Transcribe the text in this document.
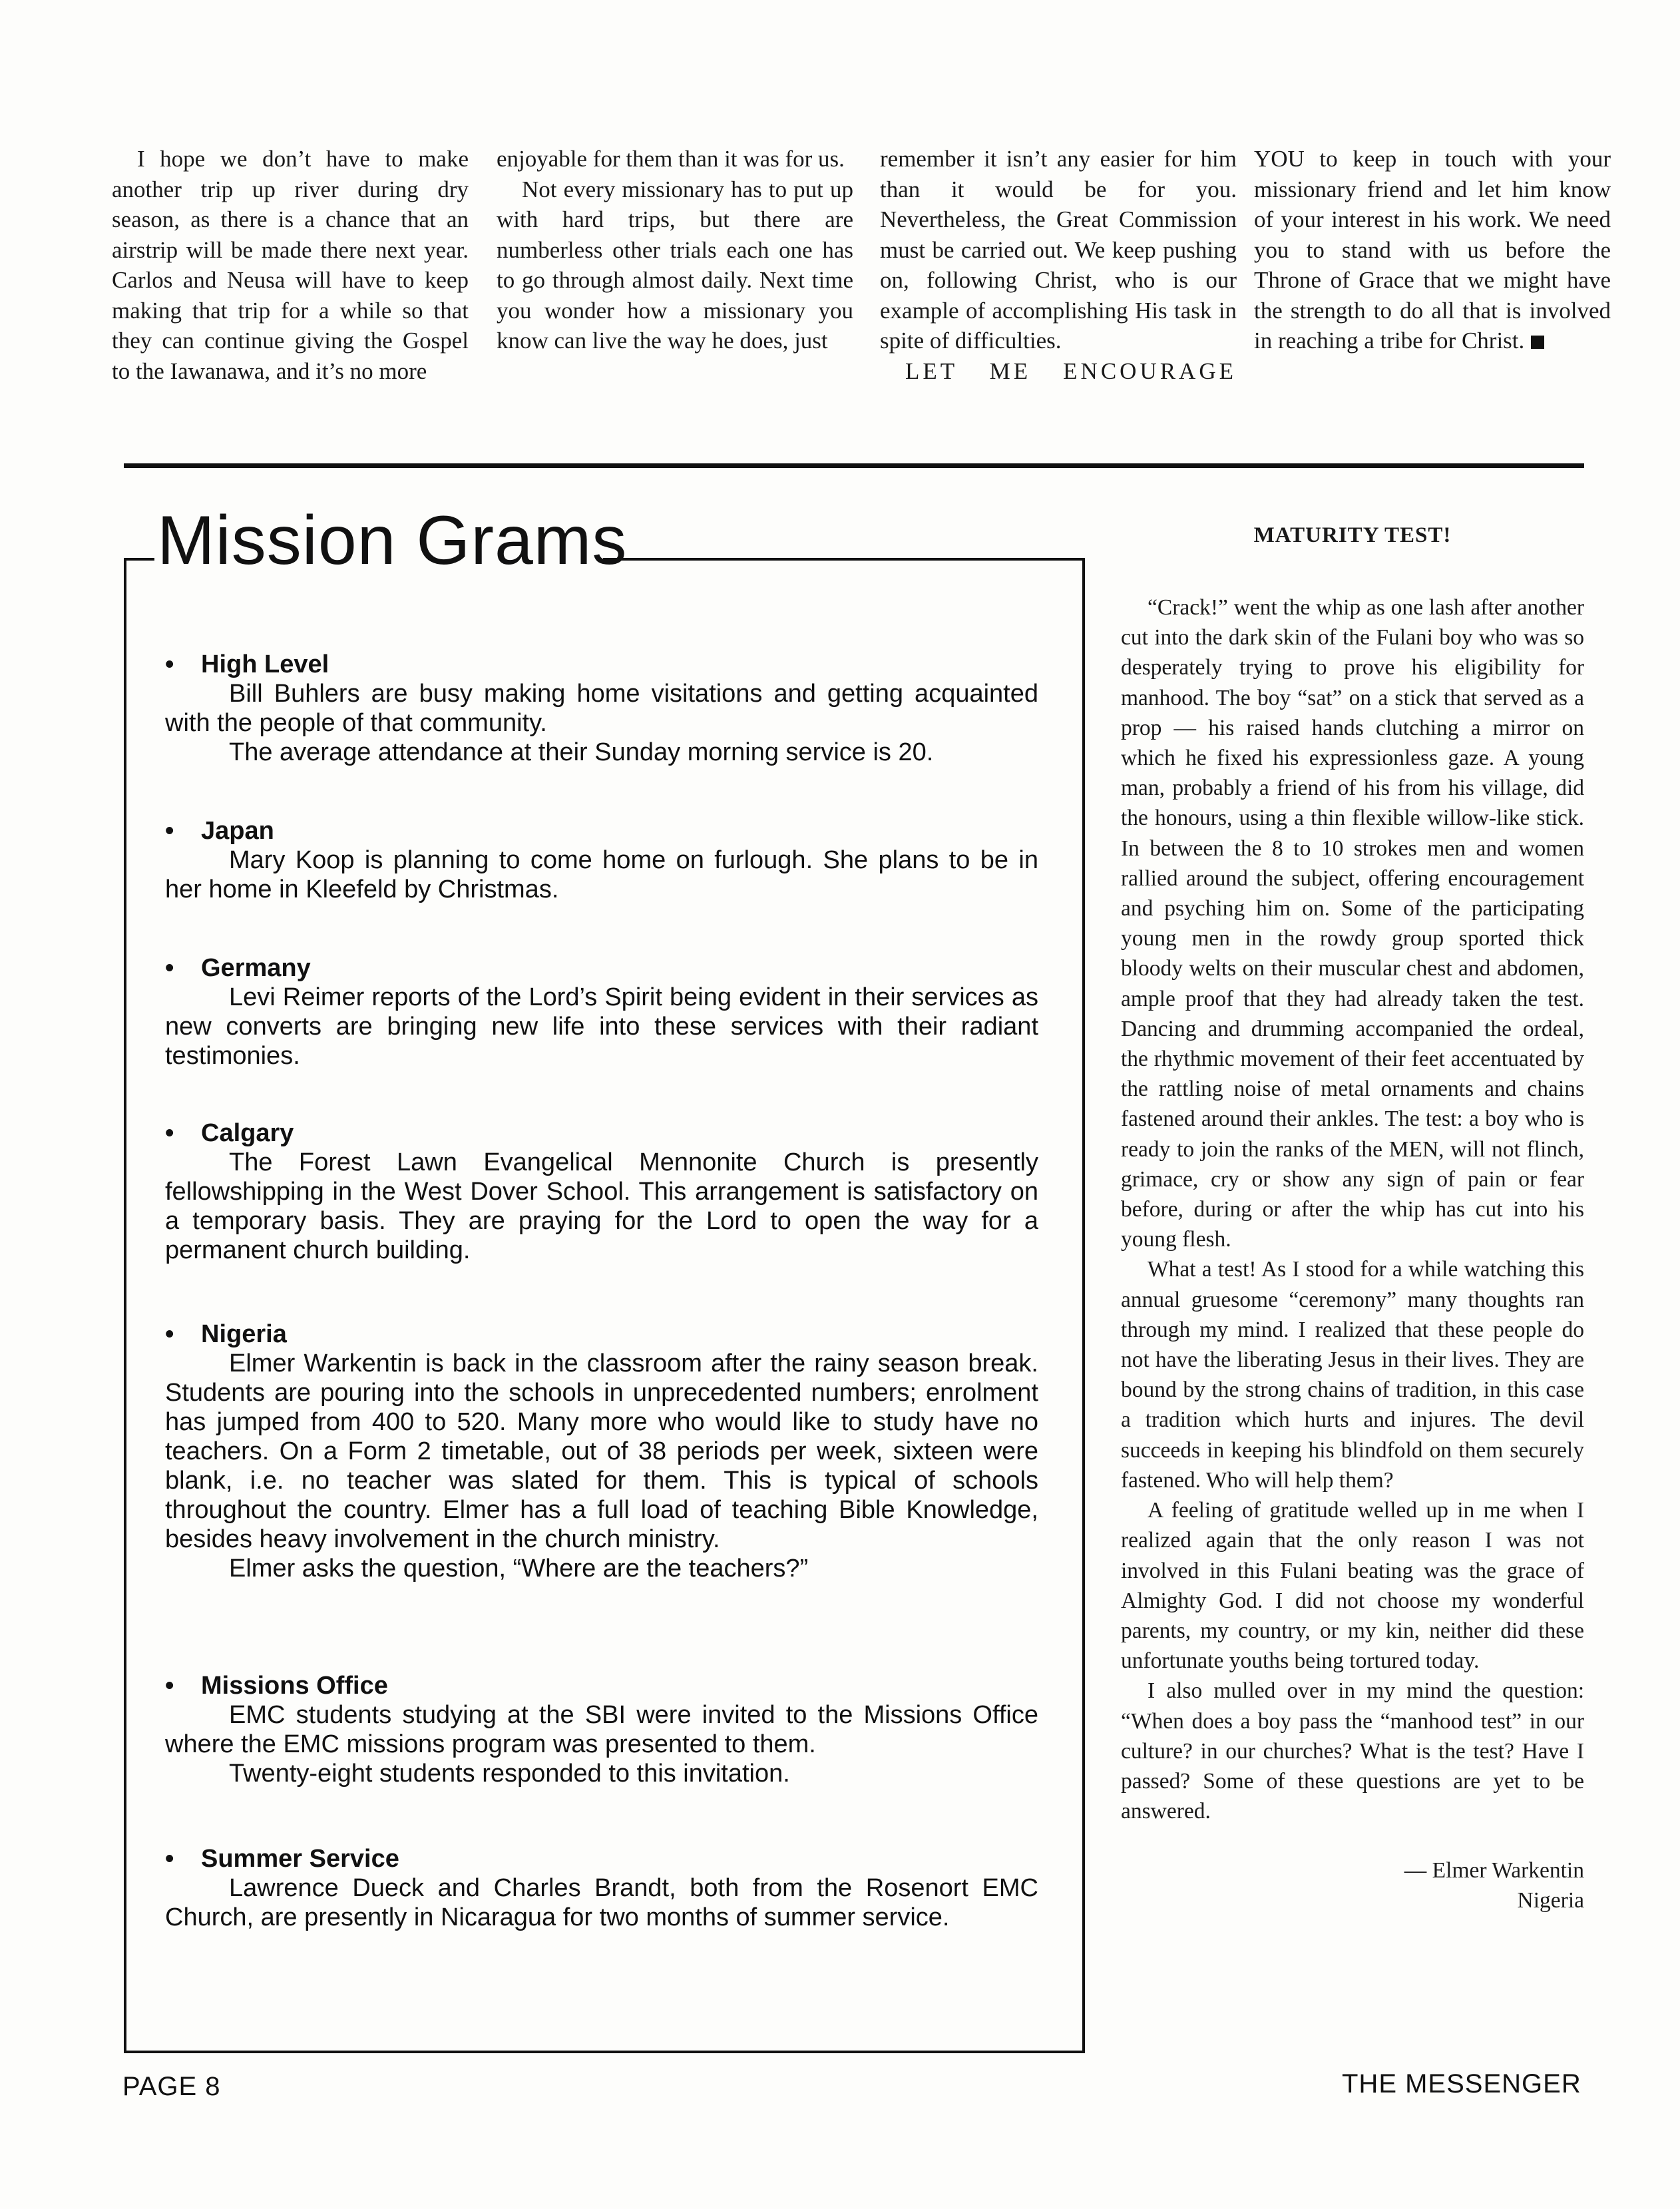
I hope we don’t have to make another trip up river during dry season, as there is a chance that an airstrip will be made there next year. Carlos and Neusa will have to keep making that trip for a while so that they can continue giving the Gospel to the Iawanawa, and it’s no more

enjoyable for them than it was for us.

Not every missionary has to put up with hard trips, but there are numberless other trials each one has to go through almost daily. Next time you wonder how a missionary you know can live the way he does, just

remember it isn’t any easier for him than it would be for you. Nevertheless, the Great Commission must be carried out. We keep pushing on, following Christ, who is our example of accomplishing His task in spite of difficulties.

LET ME ENCOURAGE

YOU to keep in touch with your missionary friend and let him know of your interest in his work. We need you to stand with us before the Throne of Grace that we might have the strength to do all that is involved in reaching a tribe for Christ.

Mission Grams
• High Level

Bill Buhlers are busy making home visitations and getting acquainted with the people of that community.

The average attendance at their Sunday morning service is 20.

• Japan

Mary Koop is planning to come home on furlough. She plans to be in her home in Kleefeld by Christmas.

• Germany

Levi Reimer reports of the Lord’s Spirit being evident in their services as new converts are bringing new life into these services with their radiant testimonies.

• Calgary

The Forest Lawn Evangelical Mennonite Church is presently fellowshipping in the West Dover School. This arrangement is satisfactory on a temporary basis. They are praying for the Lord to open the way for a permanent church building.

• Nigeria

Elmer Warkentin is back in the classroom after the rainy season break. Students are pouring into the schools in unprecedented numbers; enrolment has jumped from 400 to 520. Many more who would like to study have no teachers. On a Form 2 timetable, out of 38 periods per week, sixteen were blank, i.e. no teacher was slated for them. This is typical of schools throughout the country. Elmer has a full load of teaching Bible Knowledge, besides heavy involvement in the church ministry.

Elmer asks the question, “Where are the teachers?”

• Missions Office

EMC students studying at the SBI were invited to the Missions Office where the EMC missions program was presented to them.

Twenty-eight students responded to this invitation.

• Summer Service

Lawrence Dueck and Charles Brandt, both from the Rosenort EMC Church, are presently in Nicaragua for two months of summer service.

MATURITY TEST!

“Crack!” went the whip as one lash after another cut into the dark skin of the Fulani boy who was so desperately trying to prove his eligibility for manhood. The boy “sat” on a stick that served as a prop — his raised hands clutching a mirror on which he fixed his expressionless gaze. A young man, probably a friend of his from his village, did the honours, using a thin flexible willow-like stick. In between the 8 to 10 strokes men and women rallied around the subject, offering encouragement and psyching him on. Some of the participating young men in the rowdy group sported thick bloody welts on their muscular chest and abdomen, ample proof that they had already taken the test. Dancing and drumming accompanied the ordeal, the rhythmic movement of their feet accentuated by the rattling noise of metal ornaments and chains fastened around their ankles. The test: a boy who is ready to join the ranks of the MEN, will not flinch, grimace, cry or show any sign of pain or fear before, during or after the whip has cut into his young flesh.

What a test! As I stood for a while watching this annual gruesome “ceremony” many thoughts ran through my mind. I realized that these people do not have the liberating Jesus in their lives. They are bound by the strong chains of tradition, in this case a tradition which hurts and injures. The devil succeeds in keeping his blindfold on them securely fastened. Who will help them?

A feeling of gratitude welled up in me when I realized again that the only reason I was not involved in this Fulani beating was the grace of Almighty God. I did not choose my wonderful parents, my country, or my kin, neither did these unfortunate youths being tortured today.

I also mulled over in my mind the question: “When does a boy pass the “manhood test” in our culture? in our churches? What is the test? Have I passed? Some of these questions are yet to be answered.

— Elmer Warkentin
Nigeria
PAGE 8	THE MESSENGER
